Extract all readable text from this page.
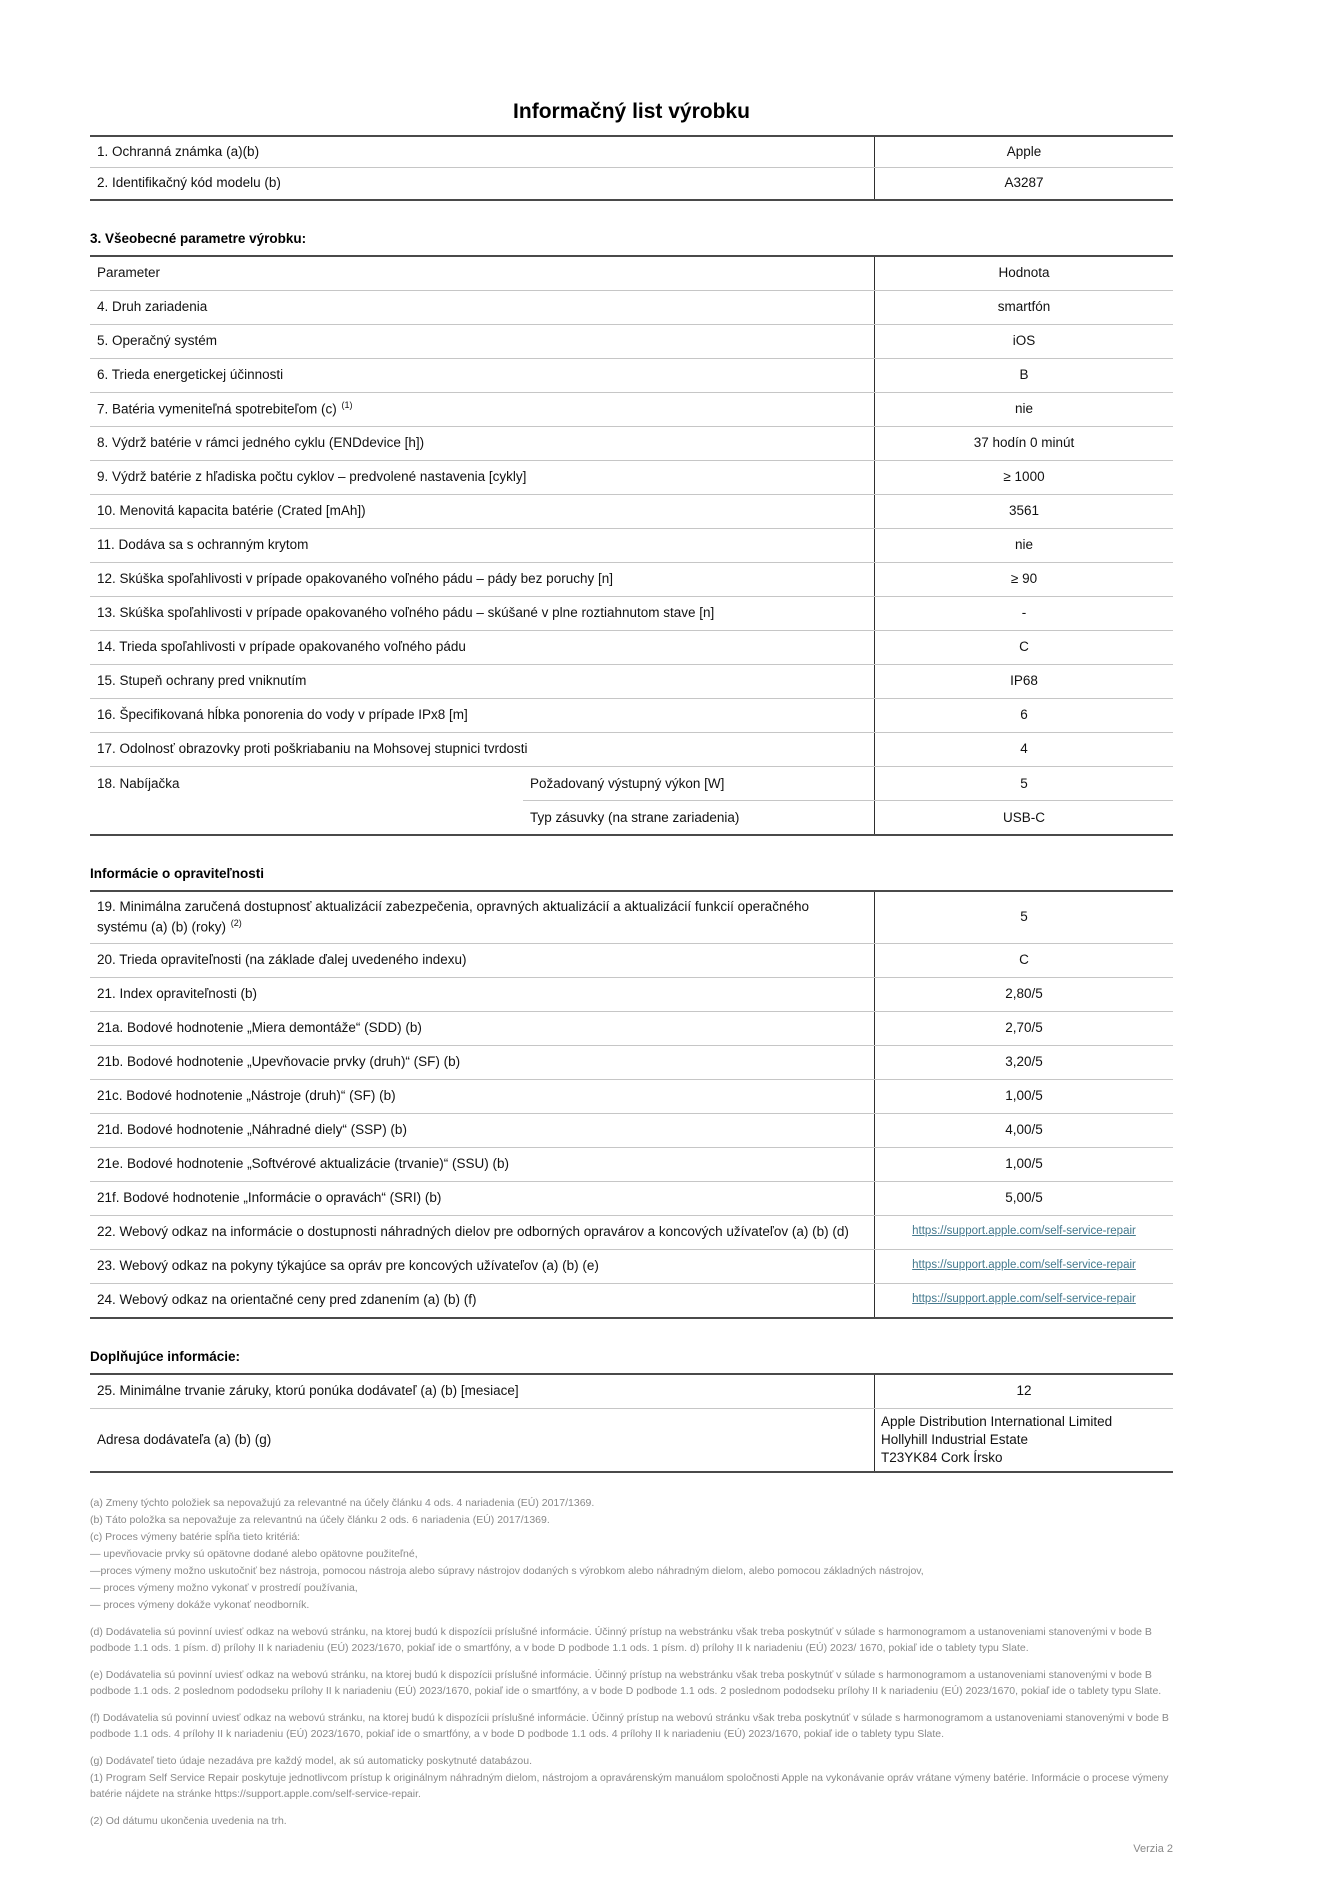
Informačný list výrobku
1. Ochranná známka (a)(b)	Apple
2. Identifikačný kód modelu (b)	A3287
3. Všeobecné parametre výrobku:
Parameter	Hodnota
4. Druh zariadenia	smartfón
5. Operačný systém	iOS
6. Trieda energetickej účinnosti	B
7. Batéria vymeniteľná spotrebiteľom (c) $^{(1)}$	nie
8. Výdrž batérie v rámci jedného cyklu (ENDdevice [h])	37 hodín 0 minút
9. Výdrž batérie z hľadiska počtu cyklov – predvolené nastavenia [cykly]	≥ 1000
10. Menovitá kapacita batérie (Crated [mAh])	3561
11. Dodáva sa s ochranným krytom	nie
12. Skúška spoľahlivosti v prípade opakovaného voľného pádu – pády bez poruchy [n]	≥ 90
13. Skúška spoľahlivosti v prípade opakovaného voľného pádu – skúšané v plne roztiahnutom stave [n]	-
14. Trieda spoľahlivosti v prípade opakovaného voľného pádu	C
15. Stupeň ochrany pred vniknutím	IP68
16. Špecifikovaná hĺbka ponorenia do vody v prípade IPx8 [m]	6
17. Odolnosť obrazovky proti poškriabaniu na Mohsovej stupnici tvrdosti	4
18. Nabíjačka	Požadovaný výstupný výkon [W]	5
Typ zásuvky (na strane zariadenia)	USB-C
Informácie o opraviteľnosti
19. Minimálna zaručená dostupnosť aktualizácií zabezpečenia, opravných aktualizácií a aktualizácií funkcií operačného systému (a) (b) (roky) $^{(2)}$	5
20. Trieda opraviteľnosti (na základe ďalej uvedeného indexu)	C
21. Index opraviteľnosti (b)	2,80/5
21a. Bodové hodnotenie „Miera demontáže“ (SDD) (b)	2,70/5
21b. Bodové hodnotenie „Upevňovacie prvky (druh)“ (SF) (b)	3,20/5
21c. Bodové hodnotenie „Nástroje (druh)“ (SF) (b)	1,00/5
21d. Bodové hodnotenie „Náhradné diely“ (SSP) (b)	4,00/5
21e. Bodové hodnotenie „Softvérové aktualizácie (trvanie)“ (SSU) (b)	1,00/5
21f. Bodové hodnotenie „Informácie o opravách“ (SRI) (b)	5,00/5
22. Webový odkaz na informácie o dostupnosti náhradných dielov pre odborných opravárov a koncových užívateľov (a) (b) (d)	https://support.apple.com/self-service-repair
23. Webový odkaz na pokyny týkajúce sa opráv pre koncových užívateľov (a) (b) (e)	https://support.apple.com/self-service-repair
24. Webový odkaz na orientačné ceny pred zdanením (a) (b) (f)	https://support.apple.com/self-service-repair
Doplňujúce informácie:
25. Minimálne trvanie záruky, ktorú ponúka dodávateľ (a) (b) [mesiace]	12
Adresa dodávateľa (a) (b) (g)
Apple Distribution International Limited
Hollyhill Industrial Estate
T23YK84 Cork Írsko

(a) Zmeny týchto položiek sa nepovažujú za relevantné na účely článku 4 ods. 4 nariadenia (EÚ) 2017/1369.

(b) Táto položka sa nepovažuje za relevantnú na účely článku 2 ods. 6 nariadenia (EÚ) 2017/1369.

(c) Proces výmeny batérie spĺňa tieto kritériá:

— upevňovacie prvky sú opätovne dodané alebo opätovne použiteľné,

—proces výmeny možno uskutočniť bez nástroja, pomocou nástroja alebo súpravy nástrojov dodaných s výrobkom alebo náhradným dielom, alebo pomocou základných nástrojov,

— proces výmeny možno vykonať v prostredí používania,

— proces výmeny dokáže vykonať neodborník.

(d) Dodávatelia sú povinní uviesť odkaz na webovú stránku, na ktorej budú k dispozícii príslušné informácie. Účinný prístup na webstránku však treba poskytnúť v súlade s harmonogramom a ustanoveniami stanovenými v bode B podbode 1.1 ods. 1 písm. d) prílohy II k nariadeniu (EÚ) 2023/1670, pokiaľ ide o smartfóny, a v bode D podbode 1.1 ods. 1 písm. d) prílohy II k nariadeniu (EÚ) 2023/ 1670, pokiaľ ide o tablety typu Slate.

(e) Dodávatelia sú povinní uviesť odkaz na webovú stránku, na ktorej budú k dispozícii príslušné informácie. Účinný prístup na webstránku však treba poskytnúť v súlade s harmonogramom a ustanoveniami stanovenými v bode B podbode 1.1 ods. 2 poslednom pododseku prílohy II k nariadeniu (EÚ) 2023/1670, pokiaľ ide o smartfóny, a v bode D podbode 1.1 ods. 2 poslednom pododseku prílohy II k nariadeniu (EÚ) 2023/1670, pokiaľ ide o tablety typu Slate.

(f) Dodávatelia sú povinní uviesť odkaz na webovú stránku, na ktorej budú k dispozícii príslušné informácie. Účinný prístup na webovú stránku však treba poskytnúť v súlade s harmonogramom a ustanoveniami stanovenými v bode B podbode 1.1 ods. 4 prílohy II k nariadeniu (EÚ) 2023/1670, pokiaľ ide o smartfóny, a v bode D podbode 1.1 ods. 4 prílohy II k nariadeniu (EÚ) 2023/1670, pokiaľ ide o tablety typu Slate.

(g) Dodávateľ tieto údaje nezadáva pre každý model, ak sú automaticky poskytnuté databázou.

(1) Program Self Service Repair poskytuje jednotlivcom prístup k originálnym náhradným dielom, nástrojom a opravárenským manuálom spoločnosti Apple na vykonávanie opráv vrátane výmeny batérie. Informácie o procese výmeny batérie nájdete na stránke https://support.apple.com/self-service-repair.

(2) Od dátumu ukončenia uvedenia na trh.

Verzia 2
